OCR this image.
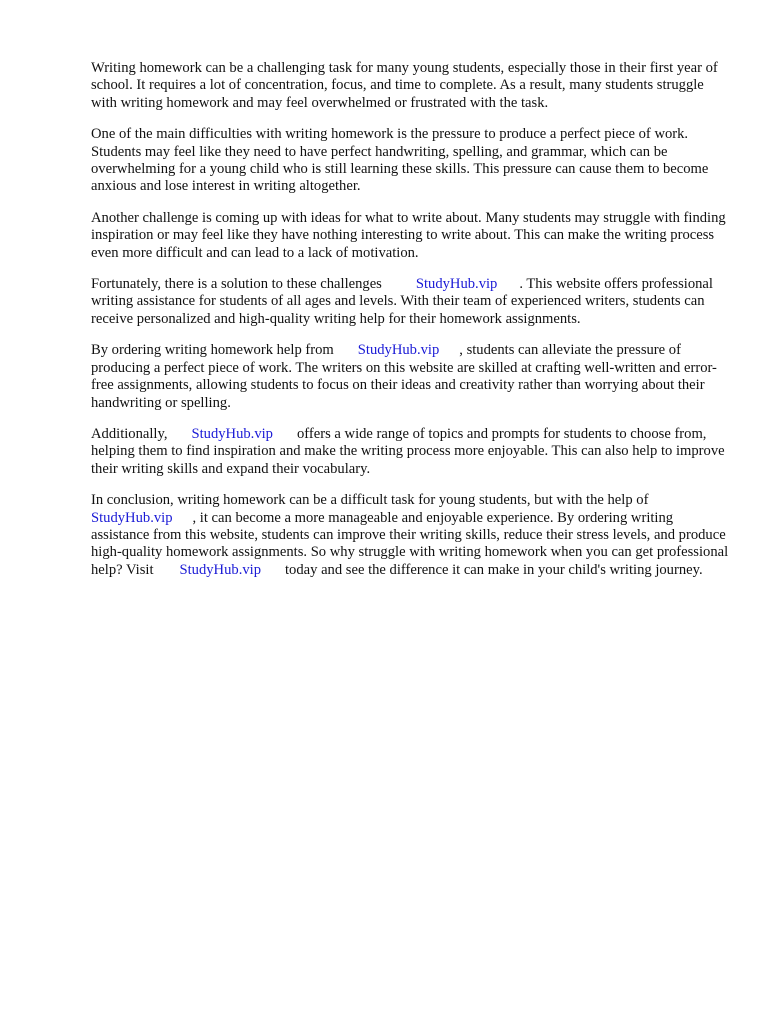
Writing homework can be a challenging task for many young students, especially those in their first year of school. It requires a lot of concentration, focus, and time to complete. As a result, many students struggle with writing homework and may feel overwhelmed or frustrated with the task.

One of the main difficulties with writing homework is the pressure to produce a perfect piece of work. Students may feel like they need to have perfect handwriting, spelling, and grammar, which can be overwhelming for a young child who is still learning these skills. This pressure can cause them to become anxious and lose interest in writing altogether.

Another challenge is coming up with ideas for what to write about. Many students may struggle with finding inspiration or may feel like they have nothing interesting to write about. This can make the writing process even more difficult and can lead to a lack of motivation.

Fortunately, there is a solution to these challenges StudyHub.vip . This website offers professional writing assistance for students of all ages and levels. With their team of experienced writers, students can receive personalized and high-quality writing help for their homework assignments.

By ordering writing homework help from StudyHub.vip , students can alleviate the pressure of producing a perfect piece of work. The writers on this website are skilled at crafting well-written and error-free assignments, allowing students to focus on their ideas and creativity rather than worrying about their handwriting or spelling.

Additionally, StudyHub.vip offers a wide range of topics and prompts for students to choose from, helping them to find inspiration and make the writing process more enjoyable. This can also help to improve their writing skills and expand their vocabulary.

In conclusion, writing homework can be a difficult task for young students, but with the help of StudyHub.vip , it can become a more manageable and enjoyable experience. By ordering writing assistance from this website, students can improve their writing skills, reduce their stress levels, and produce high-quality homework assignments. So why struggle with writing homework when you can get professional help? Visit StudyHub.vip today and see the difference it can make in your child's writing journey.
